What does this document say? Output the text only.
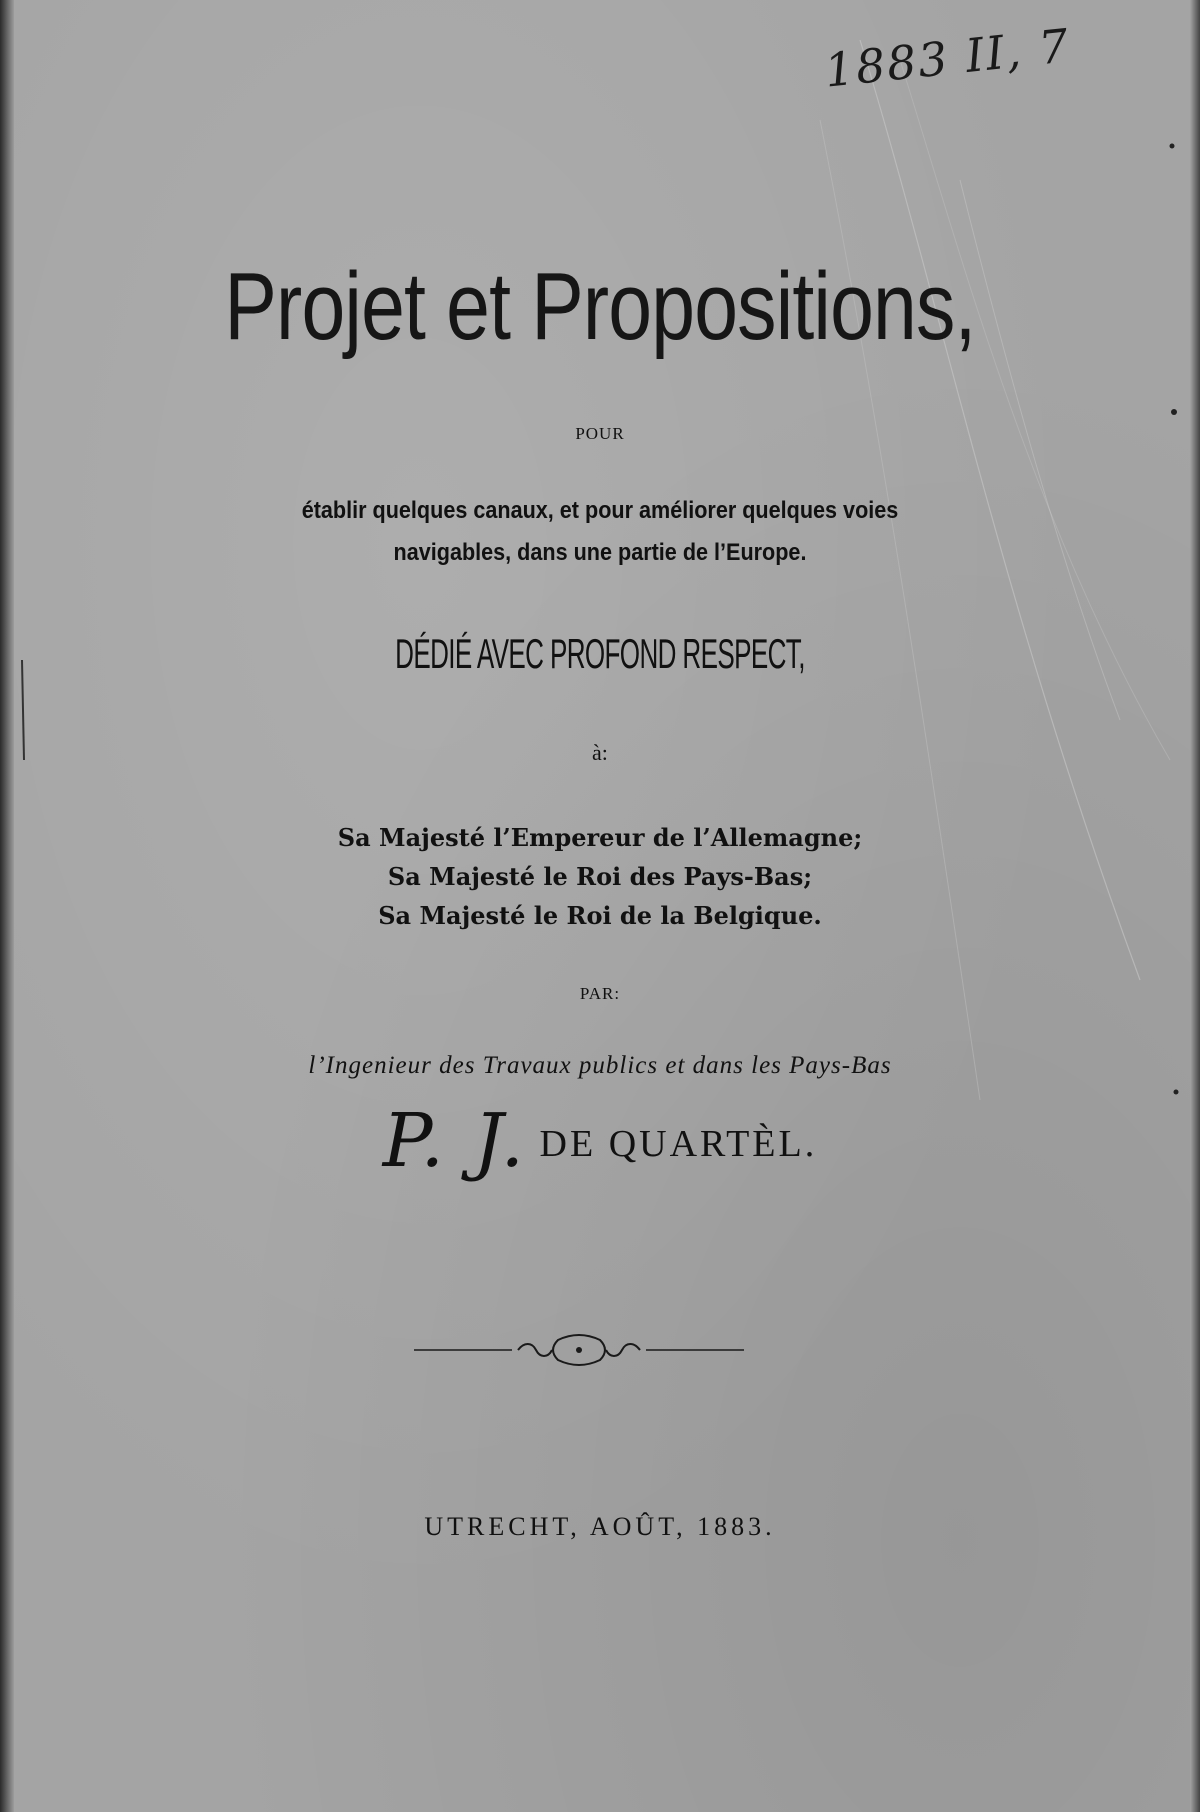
1883 II, 7
Projet et Propositions,
POUR
établir quelques canaux, et pour améliorer quelques voies
navigables, dans une partie de l’Europe.
DÉDIÉ AVEC PROFOND RESPECT,
à:
Sa Majesté l’Empereur de l’Allemagne;
Sa Majesté le Roi des Pays-Bas;
Sa Majesté le Roi de la Belgique.
PAR:
l’Ingenieur des Travaux publics et dans les Pays-Bas
P. J. DE QUARTÈL.
UTRECHT, AOÛT, 1883.
